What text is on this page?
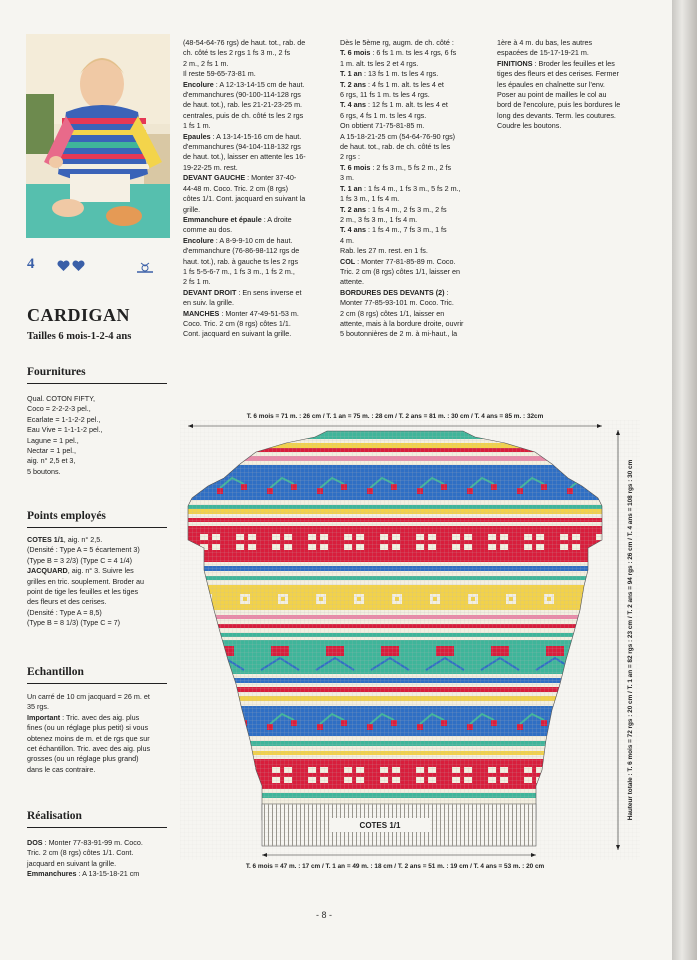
4
CARDIGAN
Tailles 6 mois-1-2-4 ans
Fournitures

Qual. COTON FIFTY,

Coco = 2-2-2-3 pel.,

Ecarlate = 1-1-2-2 pel.,

Eau Vive = 1-1-1-2 pel.,

Lagune = 1 pel.,

Nectar = 1 pel.,

aig. n° 2,5 et 3,

5 boutons.

Points employés

COTES 1/1, aig. n° 2,5.

(Densité : Type A = 5 écartement 3)

(Type B = 3 2/3) (Type C = 4 1/4)

JACQUARD, aig. n° 3. Suivre les

grilles en tric. souplement. Broder au

point de tige les feuilles et les tiges

des fleurs et des cerises.

(Densité : Type A = 8,5)

(Type B = 8 1/3) (Type C = 7)

Echantillon

Un carré de 10 cm jacquard = 26 m. et

35 rgs.

Important : Tric. avec des aig. plus

fines (ou un réglage plus petit) si vous

obtenez moins de m. et de rgs que sur

cet échantillon. Tric. avec des aig. plus

grosses (ou un réglage plus grand)

dans le cas contraire.

Réalisation

DOS : Monter 77-83-91-99 m. Coco.

Tric. 2 cm (8 rgs) côtes 1/1. Cont.

jacquard en suivant la grille.

Emmanchures : A 13-15-18-21 cm

(48-54-64-76 rgs) de haut. tot., rab. de

ch. côté ts les 2 rgs 1 fs 3 m., 2 fs

2 m., 2 fs 1 m.

Il reste 59-65-73-81 m.

Encolure : A 12-13-14-15 cm de haut.

d'emmanchures (90-100-114-128 rgs

de haut. tot.), rab. les 21-21-23-25 m.

centrales, puis de ch. côté ts les 2 rgs

1 fs 1 m.

Epaules : A 13-14-15-16 cm de haut.

d'emmanchures (94-104-118-132 rgs

de haut. tot.), laisser en attente les 16-

19-22-25 m. rest.

DEVANT GAUCHE : Monter 37-40-

44-48 m. Coco. Tric. 2 cm (8 rgs)

côtes 1/1. Cont. jacquard en suivant la

grille.

Emmanchure et épaule : A droite

comme au dos.

Encolure : A 8-9-9-10 cm de haut.

d'emmanchure (76-86-98-112 rgs de

haut. tot.), rab. à gauche ts les 2 rgs

1 fs 5-5-6-7 m., 1 fs 3 m., 1 fs 2 m.,

2 fs 1 m.

DEVANT DROIT : En sens inverse et

en suiv. la grille.

MANCHES : Monter 47-49-51-53 m.

Coco. Tric. 2 cm (8 rgs) côtes 1/1.

Cont. jacquard en suivant la grille.

Dès le 5ème rg, augm. de ch. côté :

T. 6 mois : 6 fs 1 m. ts les 4 rgs, 6 fs

1 m. alt. ts les 2 et 4 rgs.

T. 1 an : 13 fs 1 m. ts les 4 rgs.

T. 2 ans : 4 fs 1 m. alt. ts les 4 et

6 rgs, 11 fs 1 m. ts les 4 rgs.

T. 4 ans : 12 fs 1 m. alt. ts les 4 et

6 rgs, 4 fs 1 m. ts les 4 rgs.

On obtient 71-75-81-85 m.

A 15-18-21-25 cm (54-64-76-90 rgs)

de haut. tot., rab. de ch. côté ts les

2 rgs :

T. 6 mois : 2 fs 3 m., 5 fs 2 m., 2 fs

3 m.

T. 1 an : 1 fs 4 m., 1 fs 3 m., 5 fs 2 m.,

1 fs 3 m., 1 fs 4 m.

T. 2 ans : 1 fs 4 m., 2 fs 3 m., 2 fs

2 m., 3 fs 3 m., 1 fs 4 m.

T. 4 ans : 1 fs 4 m., 7 fs 3 m., 1 fs

4 m.

Rab. les 27 m. rest. en 1 fs.

COL : Monter 77-81-85-89 m. Coco.

Tric. 2 cm (8 rgs) côtes 1/1, laisser en

attente.

BORDURES DES DEVANTS (2) :

Monter 77-85-93-101 m. Coco. Tric.

2 cm (8 rgs) côtes 1/1, laisser en

attente, mais à la bordure droite, ouvrir

5 boutonnières de 2 m. à mi-haut., la

1ère à 4 m. du bas, les autres

espacées de 15-17-19-21 m.

FINITIONS : Broder les feuilles et les

tiges des fleurs et des cerises. Fermer

les épaules en chaînette sur l'env.

Poser au point de mailles le col au

bord de l'encolure, puis les bordures le

long des devants. Term. les coutures.

Coudre les boutons.

T. 6 mois = 71 m. : 26 cm / T. 1 an = 75 m. : 28 cm / T. 2 ans = 81 m. : 30 cm / T. 4 ans = 85 m. : 32cm
COTES 1/1
T. 6 mois = 47 m. : 17 cm / T. 1 an = 49 m. : 18 cm / T. 2 ans = 51 m. : 19 cm / T. 4 ans = 53 m. : 20 cm
Hauteur totale : T. 6 mois = 72 rgs : 20 cm / T. 1 an = 82 rgs : 23 cm / T. 2 ans = 94 rgs : 26 cm / T. 4 ans = 108 rgs : 30 cm
- 8 -
